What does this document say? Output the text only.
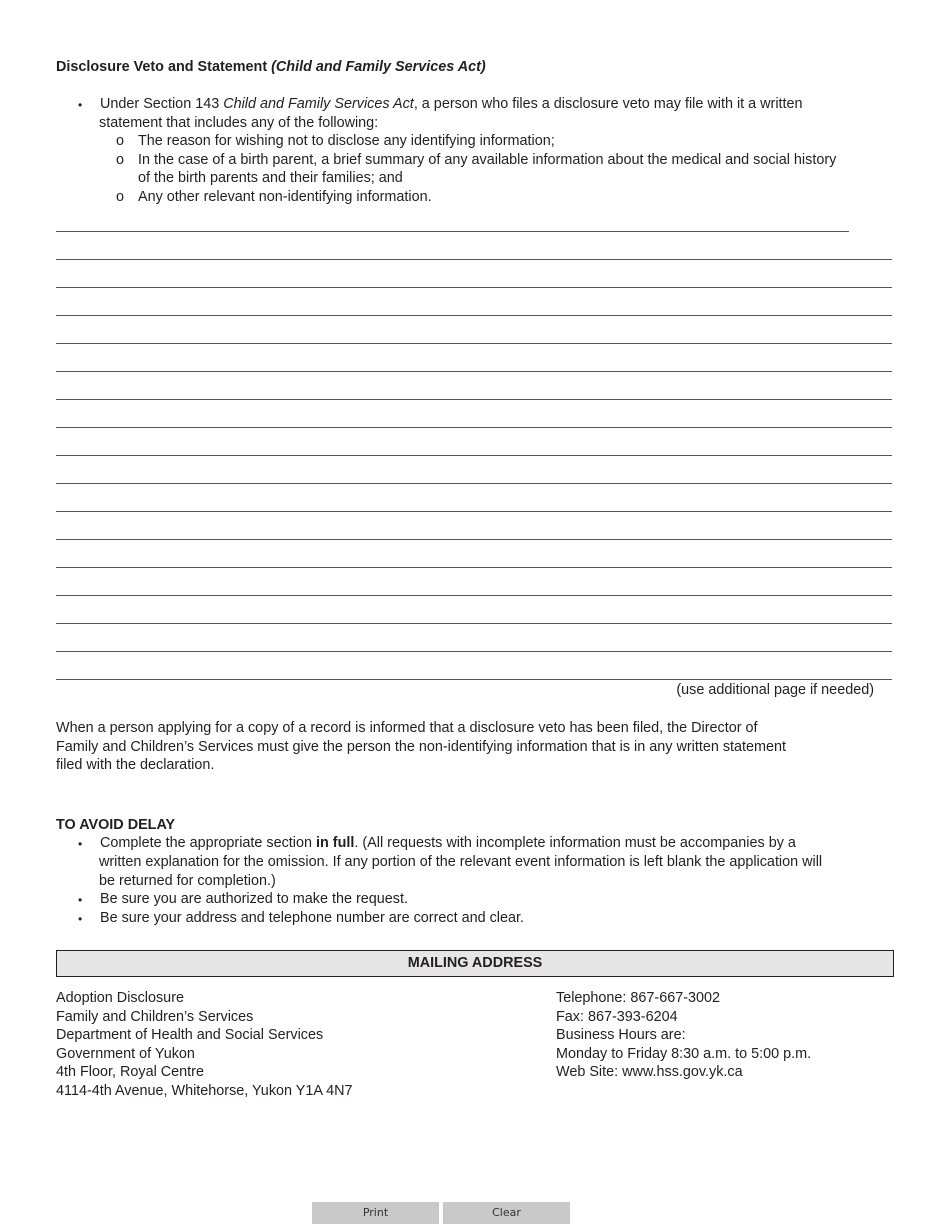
Disclosure Veto and Statement (Child and Family Services Act)
• Under Section 143 Child and Family Services Act, a person who files a disclosure veto may file with it a written
statement that includes any of the following:
o The reason for wishing not to disclose any identifying information;
o In the case of a birth parent, a brief summary of any available information about the medical and social history
of the birth parents and their families; and
o Any other relevant non-identifying information.
(use additional page if needed)
When a person applying for a copy of a record is informed that a disclosure veto has been filed, the Director of
Family and Children’s Services must give the person the non-identifying information that is in any written statement
filed with the declaration.
TO AVOID DELAY
• Complete the appropriate section in full. (All requests with incomplete information must be accompanies by a
written explanation for the omission. If any portion of the relevant event information is left blank the application will
be returned for completion.)
• Be sure you are authorized to make the request.
• Be sure your address and telephone number are correct and clear.
MAILING ADDRESS
Adoption Disclosure
Family and Children’s Services
Department of Health and Social Services
Government of Yukon
4th Floor, Royal Centre
4114-4th Avenue, Whitehorse, Yukon Y1A 4N7
Telephone: 867-667-3002
Fax: 867-393-6204
Business Hours are:
Monday to Friday 8:30 a.m. to 5:00 p.m.
Web Site: www.hss.gov.yk.ca
Print	Clear
